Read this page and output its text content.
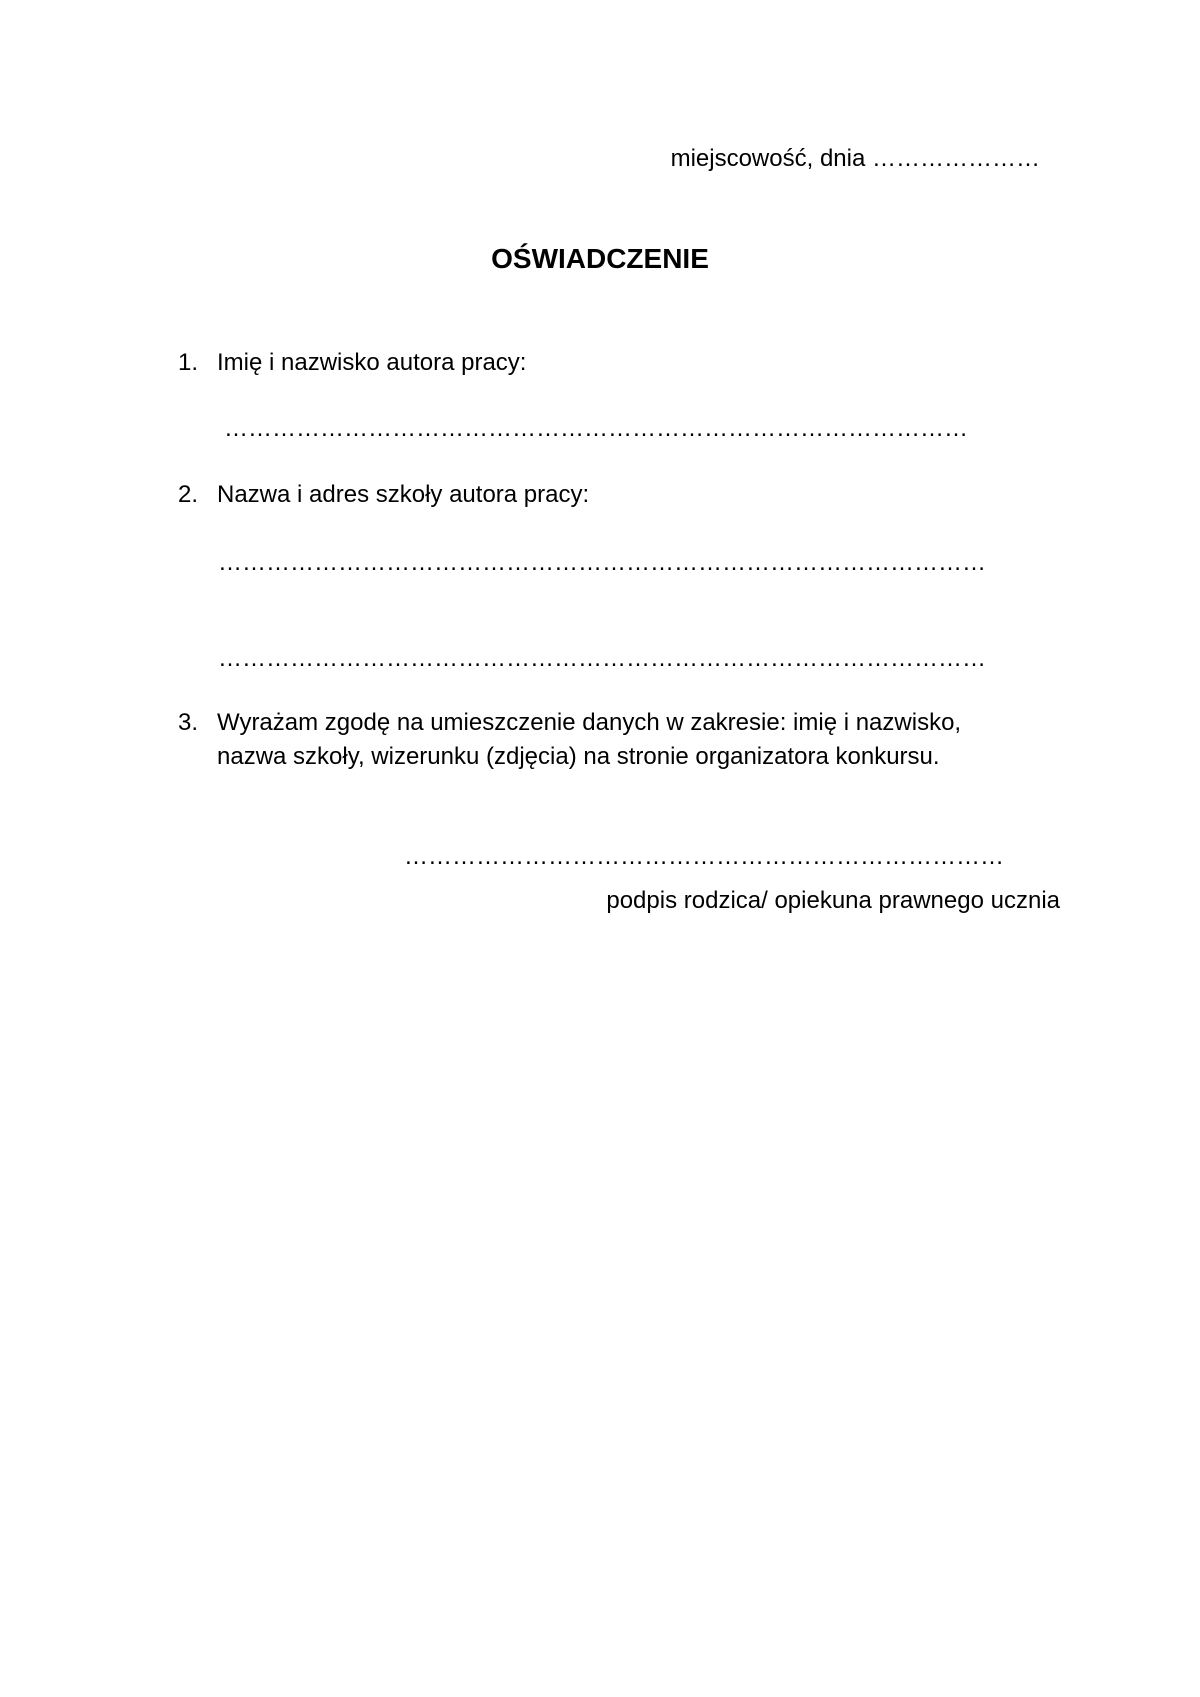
miejscowość, dnia …………………
OŚWIADCZENIE
1. Imię i nazwisko autora pracy:
…………………………………………………………………………………
2. Nazwa i adres szkoły autora pracy:
……………………………………………………………………………………
……………………………………………………………………………………
3. Wyrażam zgodę na umieszczenie danych w zakresie: imię i nazwisko,
nazwa szkoły, wizerunku (zdjęcia) na stronie organizatora konkursu.
…………………………………………………………………
podpis rodzica/ opiekuna prawnego ucznia
